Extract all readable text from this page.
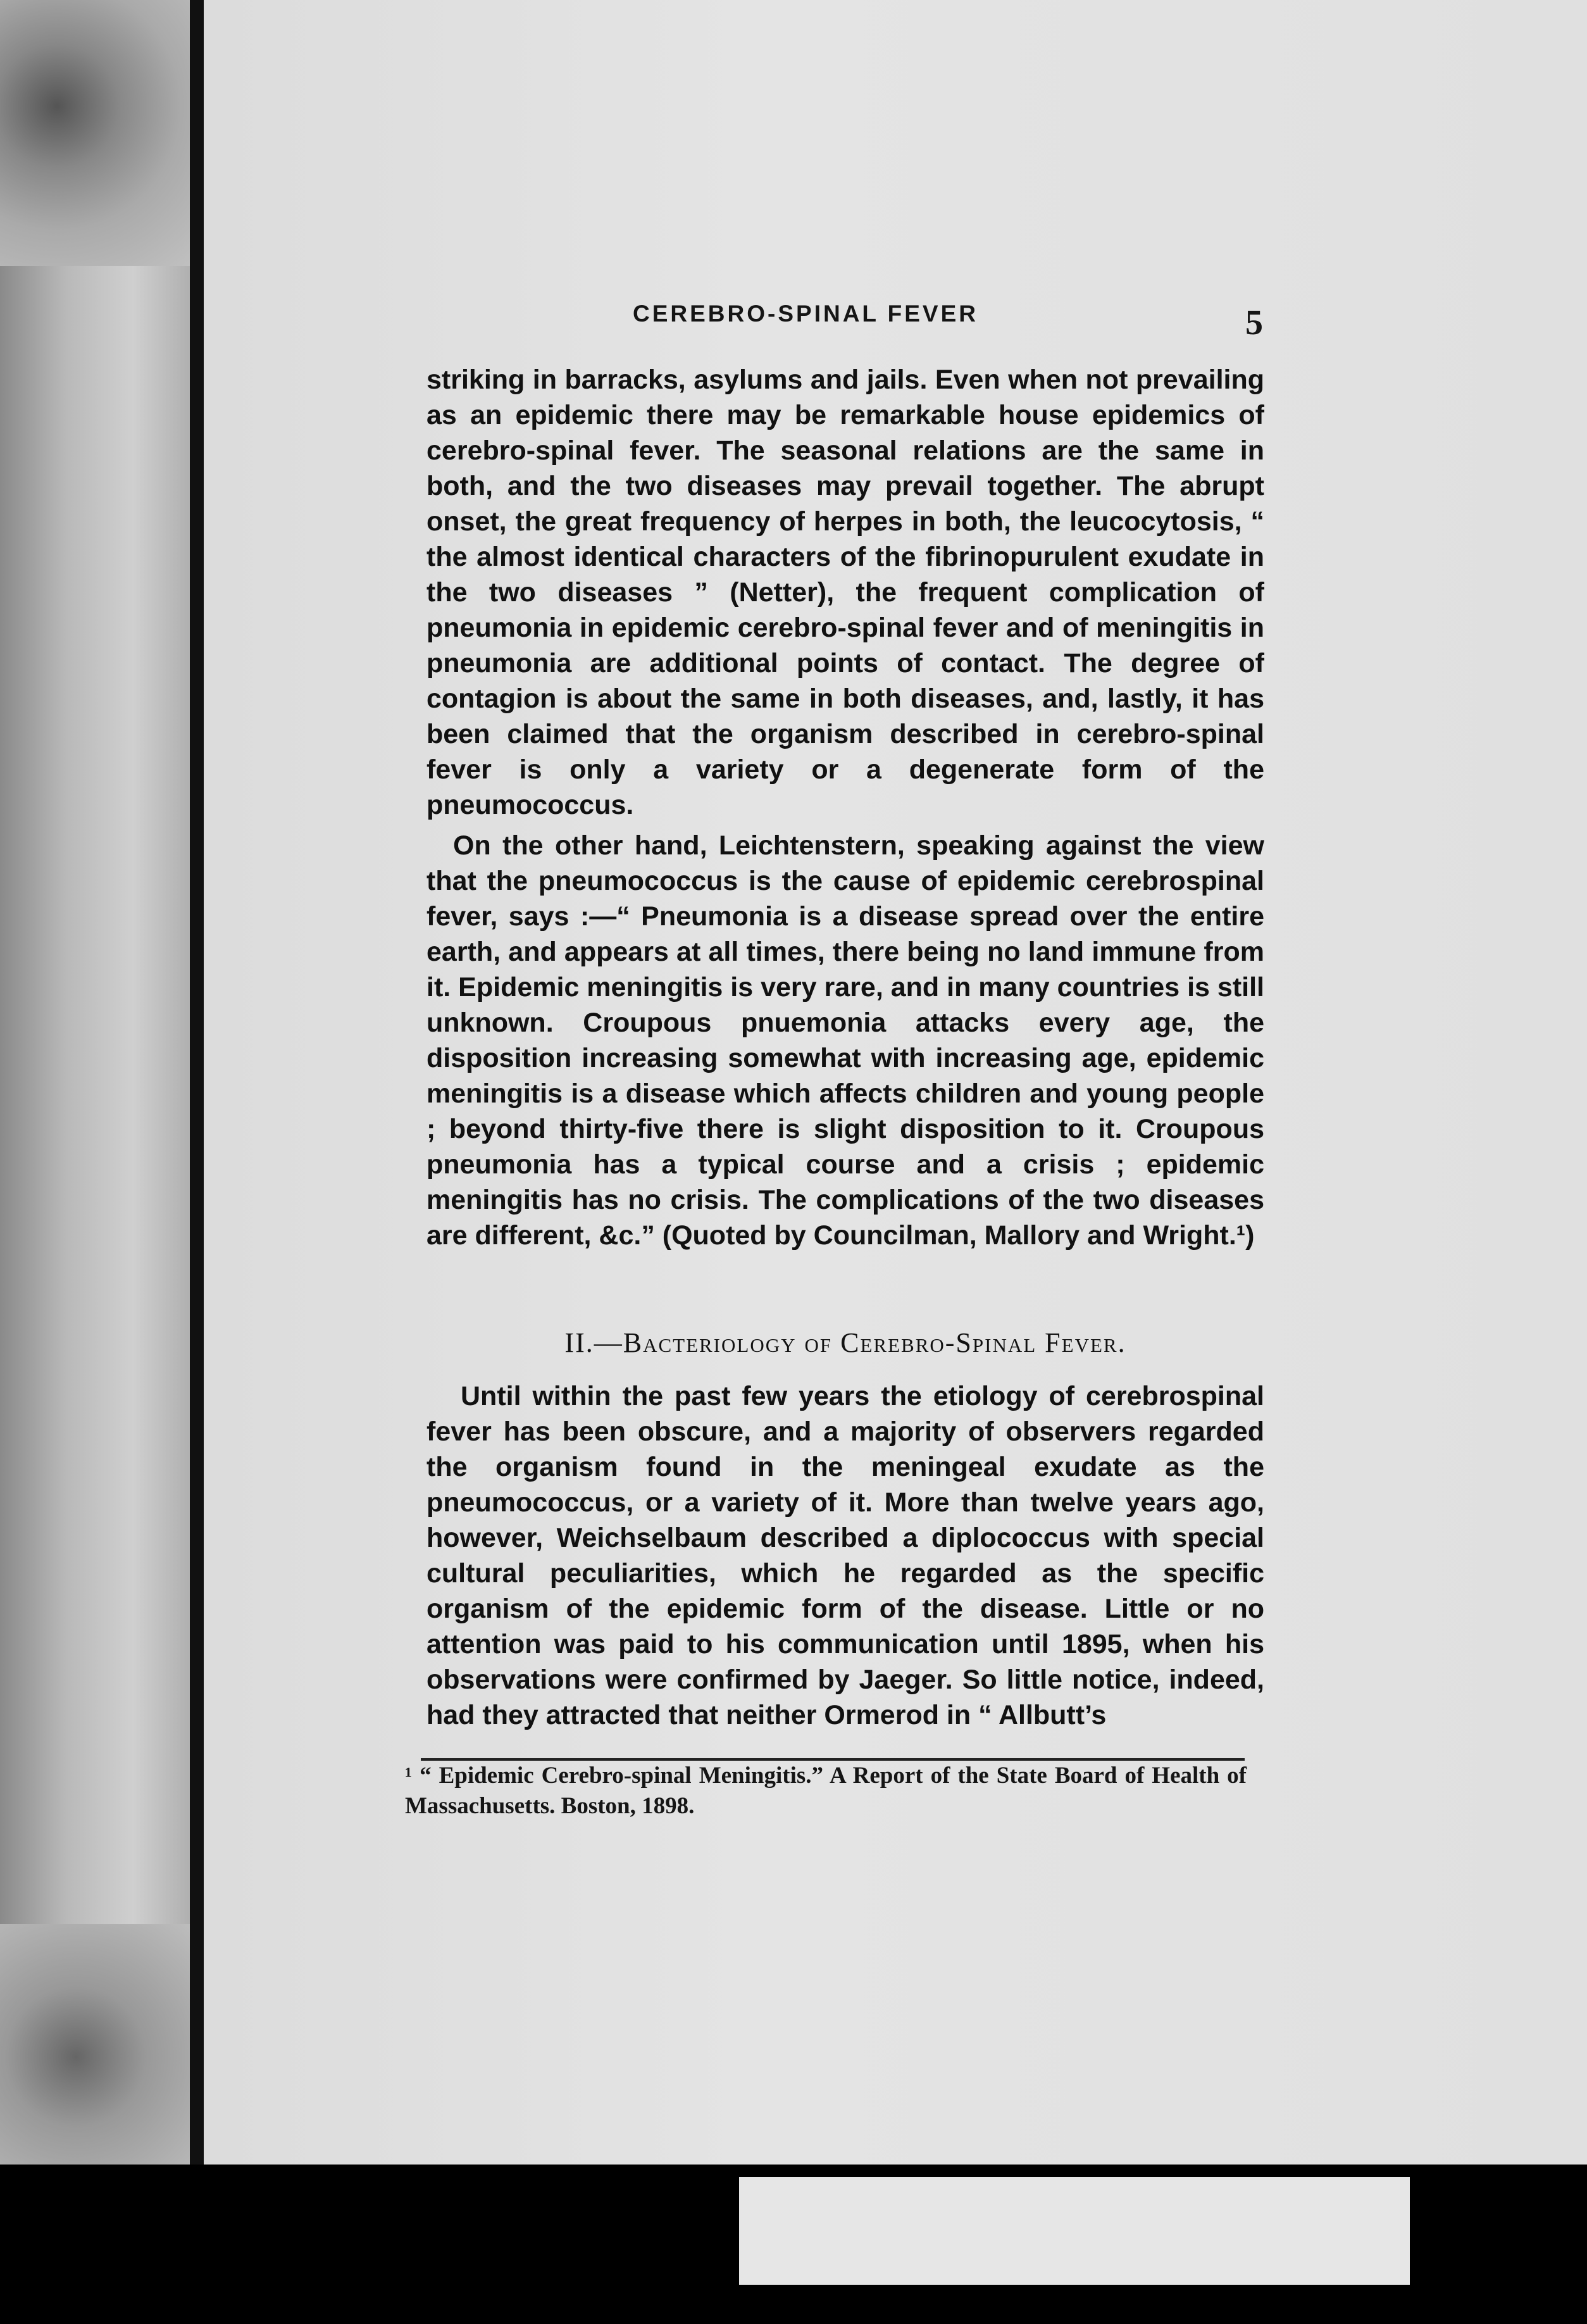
CEREBRO-SPINAL FEVER	5

striking in barracks, asylums and jails. Even when not prevailing as an epidemic there may be remarkable house epidemics of cerebro-spinal fever. The seasonal relations are the same in both, and the two diseases may prevail together. The abrupt onset, the great frequency of herpes in both, the leucocytosis, “ the almost identical characters of the fibrinopurulent exudate in the two diseases ” (Netter), the frequent complication of pneumonia in epidemic cerebro-spinal fever and of meningitis in pneumonia are additional points of contact. The degree of contagion is about the same in both diseases, and, lastly, it has been claimed that the organism described in cerebro-spinal fever is only a variety or a degenerate form of the pneumococcus.

On the other hand, Leichtenstern, speaking against the view that the pneumococcus is the cause of epidemic cerebrospinal fever, says :—“ Pneumonia is a disease spread over the entire earth, and appears at all times, there being no land immune from it. Epidemic meningitis is very rare, and in many countries is still unknown. Croupous pnuemonia attacks every age, the disposition increasing somewhat with increasing age, epidemic meningitis is a disease which affects children and young people ; beyond thirty-five there is slight disposition to it. Croupous pneumonia has a typical course and a crisis ; epidemic meningitis has no crisis. The complications of the two diseases are different, &c.” (Quoted by Councilman, Mallory and Wright.¹)

II.—Bacteriology of Cerebro-Spinal Fever.

Until within the past few years the etiology of cerebrospinal fever has been obscure, and a majority of observers regarded the organism found in the meningeal exudate as the pneumococcus, or a variety of it. More than twelve years ago, however, Weichselbaum described a diplococcus with special cultural peculiarities, which he regarded as the specific organism of the epidemic form of the disease. Little or no attention was paid to his communication until 1895, when his observations were confirmed by Jaeger. So little notice, indeed, had they attracted that neither Ormerod in “ Allbutt’s

¹ “ Epidemic Cerebro-spinal Meningitis.” A Report of the State Board of Health of Massachusetts. Boston, 1898.
